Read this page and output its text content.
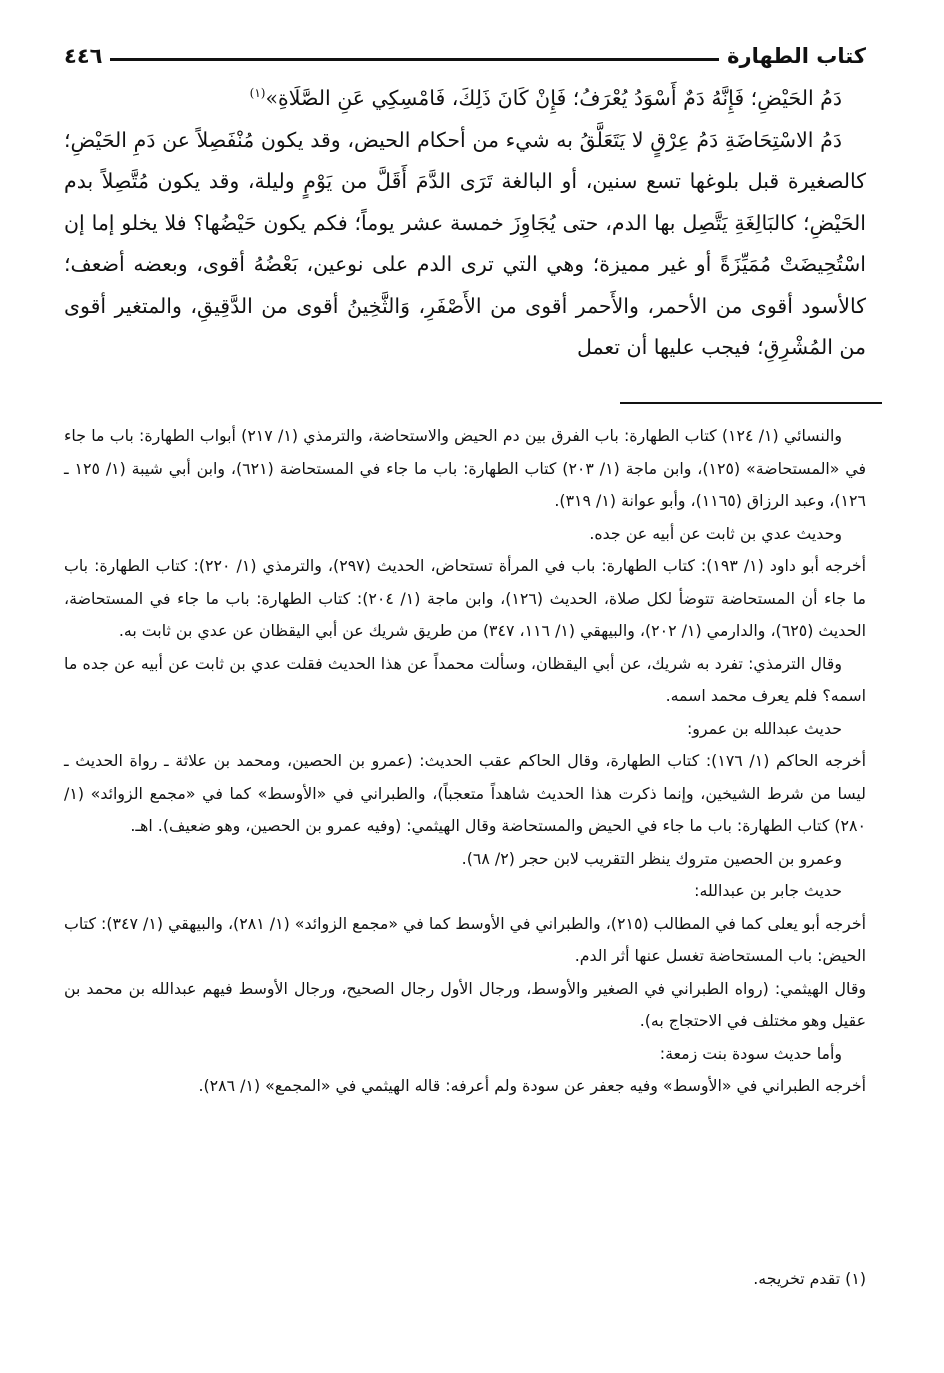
كتاب الطهارة
٤٤٦

دَمُ الحَيْضِ؛ فَإِنَّهُ دَمٌ أَسْوَدُ يُعْرَفُ؛ فَإِنْ كَانَ ذَلِكَ، فَامْسِكِي عَنِ الصَّلَاةِ»$^{(١)}$

دَمُ الاسْتِحَاضَةِ دَمُ عِرْقٍ لا يَتَعَلَّقُ به شيء من أحكام الحيض، وقد يكون مُنْفَصِلاً عن دَمِ الحَيْضِ؛ كالصغيرة قبل بلوغها تسع سنين، أو البالغة تَرَى الدَّمَ أَقَلَّ من يَوْمٍ وليلة، وقد يكون مُتَّصِلاً بدم الحَيْضِ؛ كالبَالِغَةِ يَتَّصِل بها الدم، حتى يُجَاوِزَ خمسة عشر يوماً؛ فكم يكون حَيْضُها؟ فلا يخلو إما إن اسْتُحِيضَتْ مُمَيِّزَةً أو غير مميزة؛ وهي التي ترى الدم على نوعين، بَعْضُهُ أقوى، وبعضه أضعف؛ كالأسود أقوى من الأحمر، والأَحمر أقوى من الأَصْفَرِ، وَالثَّخِينُ أقوى من الدَّقِيقِ، والمتغير أقوى من المُشْرِقِ؛ فيجب عليها أن تعمل

والنسائي (١/ ١٢٤) كتاب الطهارة: باب الفرق بين دم الحيض والاستحاضة، والترمذي (١/ ٢١٧) أبواب الطهارة: باب ما جاء في «المستحاضة» (١٢٥)، وابن ماجة (١/ ٢٠٣) كتاب الطهارة: باب ما جاء في المستحاضة (٦٢١)، وابن أبي شيبة (١/ ١٢٥ ـ ١٢٦)، وعبد الرزاق (١١٦٥)، وأبو عوانة (١/ ٣١٩).

وحديث عدي بن ثابت عن أبيه عن جده.

أخرجه أبو داود (١/ ١٩٣): كتاب الطهارة: باب في المرأة تستحاض، الحديث (٢٩٧)، والترمذي (١/ ٢٢٠): كتاب الطهارة: باب ما جاء أن المستحاضة تتوضأ لكل صلاة، الحديث (١٢٦)، وابن ماجة (١/ ٢٠٤): كتاب الطهارة: باب ما جاء في المستحاضة، الحديث (٦٢٥)، والدارمي (١/ ٢٠٢)، والبيهقي (١/ ١١٦، ٣٤٧) من طريق شريك عن أبي اليقظان عن عدي بن ثابت به.

وقال الترمذي: تفرد به شريك، عن أبي اليقظان، وسألت محمداً عن هذا الحديث فقلت عدي بن ثابت عن أبيه عن جده ما اسمه؟ فلم يعرف محمد اسمه.

حديث عبدالله بن عمرو:

أخرجه الحاكم (١/ ١٧٦): كتاب الطهارة، وقال الحاكم عقب الحديث: (عمرو بن الحصين، ومحمد بن علاثة ـ رواة الحديث ـ ليسا من شرط الشيخين، وإنما ذكرت هذا الحديث شاهداً متعجباً)، والطبراني في «الأوسط» كما في «مجمع الزوائد» (١/ ٢٨٠) كتاب الطهارة: باب ما جاء في الحيض والمستحاضة وقال الهيثمي: (وفيه عمرو بن الحصين، وهو ضعيف). اهـ.

وعمرو بن الحصين متروك ينظر التقريب لابن حجر (٢/ ٦٨).

حديث جابر بن عبدالله:

أخرجه أبو يعلى كما في المطالب (٢١٥)، والطبراني في الأوسط كما في «مجمع الزوائد» (١/ ٢٨١)، والبيهقي (١/ ٣٤٧): كتاب الحيض: باب المستحاضة تغسل عنها أثر الدم.

وقال الهيثمي: (رواه الطبراني في الصغير والأوسط، ورجال الأول رجال الصحيح، ورجال الأوسط فيهم عبدالله بن محمد بن عقيل وهو مختلف في الاحتجاج به).

وأما حديث سودة بنت زمعة:

أخرجه الطبراني في «الأوسط» وفيه جعفر عن سودة ولم أعرفه: قاله الهيثمي في «المجمع» (١/ ٢٨٦).

(١) تقدم تخريجه.
